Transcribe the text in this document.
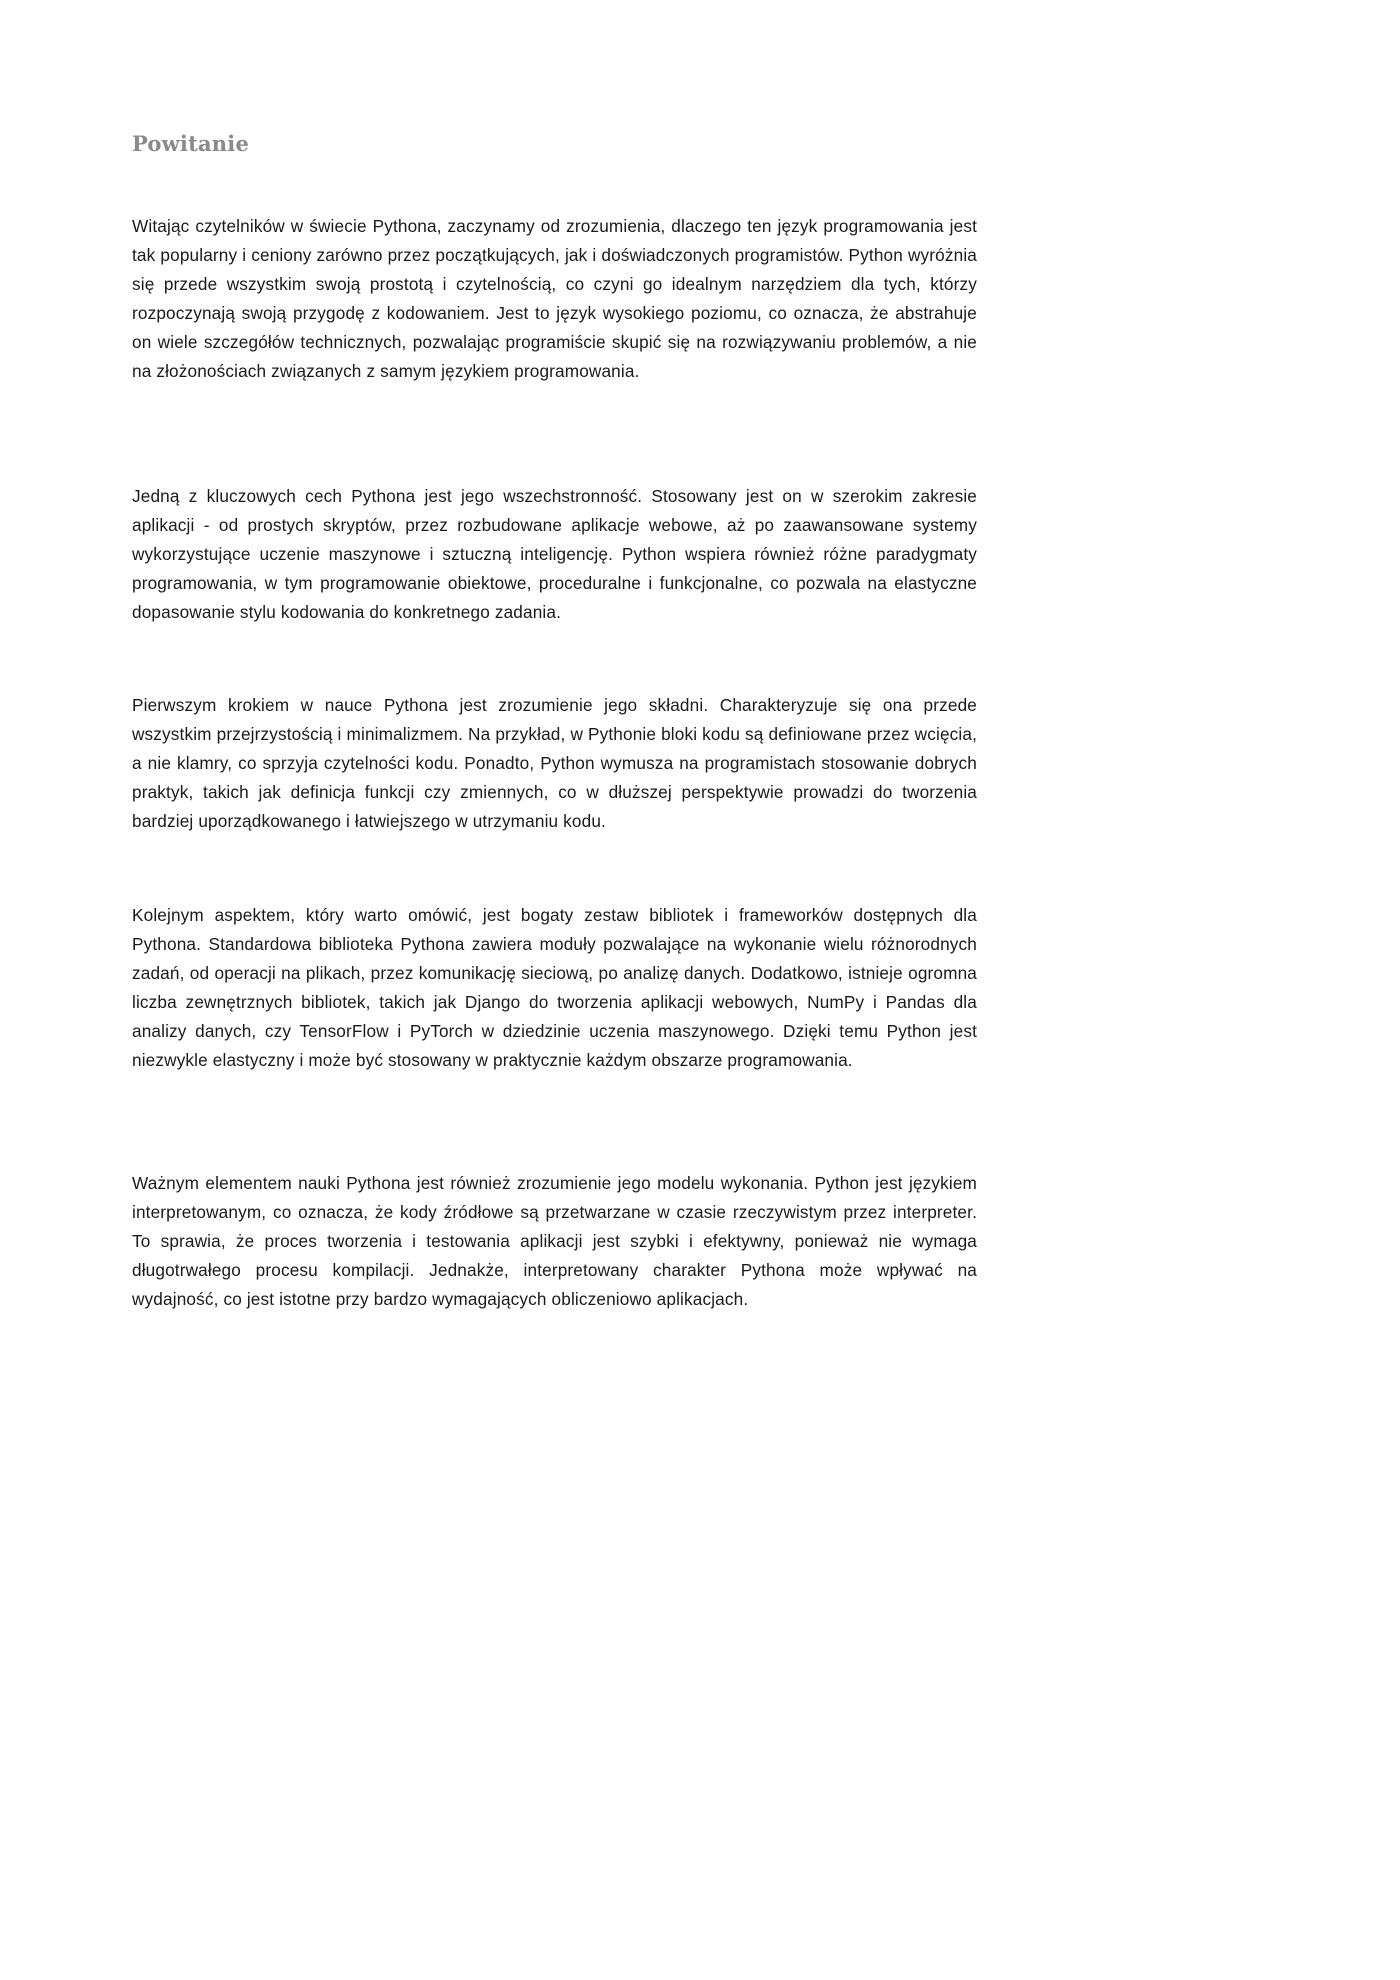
Powitanie

Witając czytelników w świecie Pythona, zaczynamy od zrozumienia, dlaczego ten język programowania jest tak popularny i ceniony zarówno przez początkujących, jak i doświadczonych programistów. Python wyróżnia się przede wszystkim swoją prostotą i czytelnością, co czyni go idealnym narzędziem dla tych, którzy rozpoczynają swoją przygodę z kodowaniem. Jest to język wysokiego poziomu, co oznacza, że abstrahuje on wiele szczegółów technicznych, pozwalając programiście skupić się na rozwiązywaniu problemów, a nie na złożonościach związanych z samym językiem programowania.

Jedną z kluczowych cech Pythona jest jego wszechstronność. Stosowany jest on w szerokim zakresie aplikacji - od prostych skryptów, przez rozbudowane aplikacje webowe, aż po zaawansowane systemy wykorzystujące uczenie maszynowe i sztuczną inteligencję. Python wspiera również różne paradygmaty programowania, w tym programowanie obiektowe, proceduralne i funkcjonalne, co pozwala na elastyczne dopasowanie stylu kodowania do konkretnego zadania.

Pierwszym krokiem w nauce Pythona jest zrozumienie jego składni. Charakteryzuje się ona przede wszystkim przejrzystością i minimalizmem. Na przykład, w Pythonie bloki kodu są definiowane przez wcięcia, a nie klamry, co sprzyja czytelności kodu. Ponadto, Python wymusza na programistach stosowanie dobrych praktyk, takich jak definicja funkcji czy zmiennych, co w dłuższej perspektywie prowadzi do tworzenia bardziej uporządkowanego i łatwiejszego w utrzymaniu kodu.

Kolejnym aspektem, który warto omówić, jest bogaty zestaw bibliotek i frameworków dostępnych dla Pythona. Standardowa biblioteka Pythona zawiera moduły pozwalające na wykonanie wielu różnorodnych zadań, od operacji na plikach, przez komunikację sieciową, po analizę danych. Dodatkowo, istnieje ogromna liczba zewnętrznych bibliotek, takich jak Django do tworzenia aplikacji webowych, NumPy i Pandas dla analizy danych, czy TensorFlow i PyTorch w dziedzinie uczenia maszynowego. Dzięki temu Python jest niezwykle elastyczny i może być stosowany w praktycznie każdym obszarze programowania.

Ważnym elementem nauki Pythona jest również zrozumienie jego modelu wykonania. Python jest językiem interpretowanym, co oznacza, że kody źródłowe są przetwarzane w czasie rzeczywistym przez interpreter. To sprawia, że proces tworzenia i testowania aplikacji jest szybki i efektywny, ponieważ nie wymaga długotrwałego procesu kompilacji. Jednakże, interpretowany charakter Pythona może wpływać na wydajność, co jest istotne przy bardzo wymagających obliczeniowo aplikacjach.
